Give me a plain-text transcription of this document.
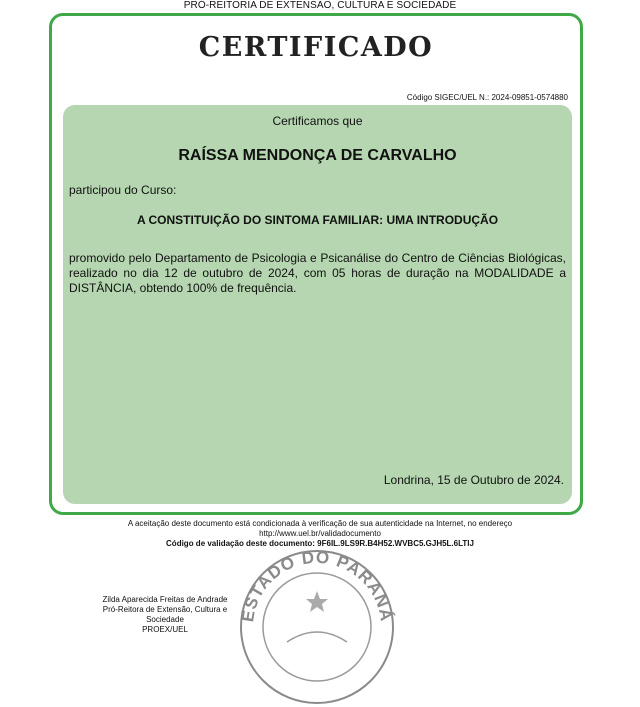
PRÓ-REITORIA DE EXTENSÃO, CULTURA E SOCIEDADE
CERTIFICADO
Código SIGEC/UEL N.: 2024-09851-0574880
Certificamos que
RAÍSSA MENDONÇA DE CARVALHO
participou do Curso:
A CONSTITUIÇÃO DO SINTOMA FAMILIAR: UMA INTRODUÇÃO
promovido pelo Departamento de Psicologia e Psicanálise do Centro de Ciências Biológicas, realizado no dia 12 de outubro de 2024, com 05 horas de duração na MODALIDADE a DISTÂNCIA, obtendo 100% de frequência.
Londrina, 15 de Outubro de 2024.
A aceitação deste documento está condicionada à verificação de sua autenticidade na Internet, no endereço
http://www.uel.br/validadocumento
Código de validação deste documento: 9F6IL.9LS9R.B4H52.WVBC5.GJH5L.6LTIJ
Zilda Aparecida Freitas de Andrade
Pró-Reitora de Extensão, Cultura e
Sociedade
PROEX/UEL
ESTADO DO PARANÁ
